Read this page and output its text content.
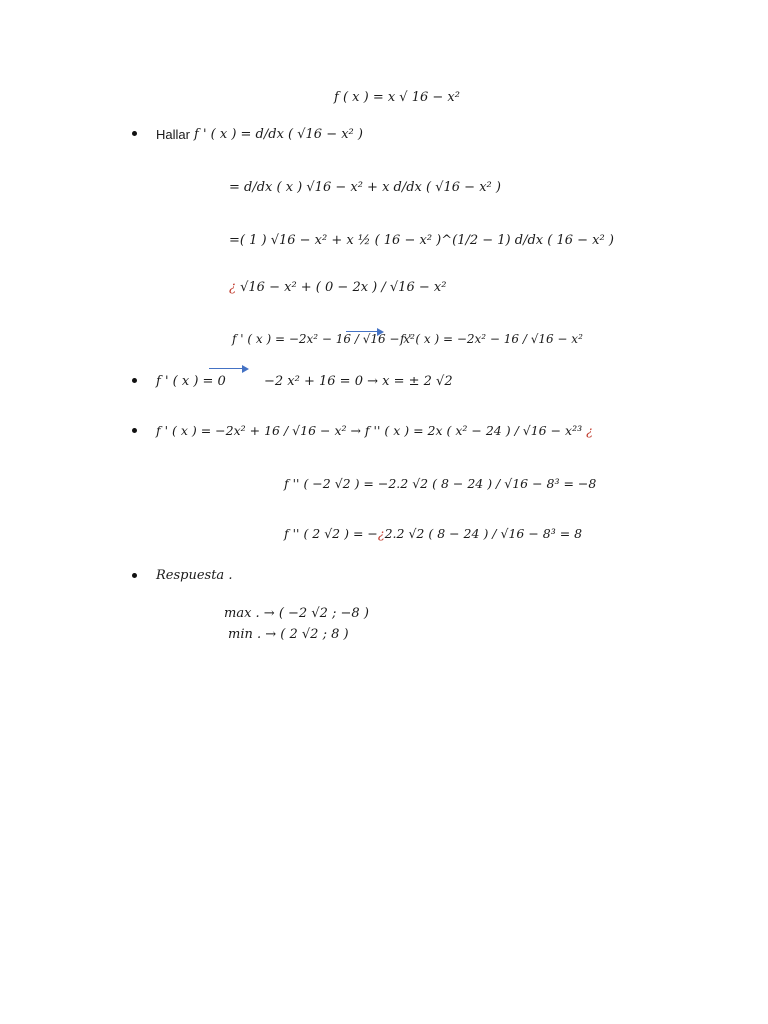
f ( x ) = x √ 16 − x²
Hallar f ' ( x ) = d/dx ( √16 − x² )
= d/dx ( x ) √16 − x² + x d/dx ( √16 − x² )
=( 1 ) √16 − x² + x ½ ( 16 − x² )^(1/2 − 1) d/dx ( 16 − x² )
¿ √16 − x² + ( 0 − 2x ) / √16 − x²
f ' ( x ) = −2x² − 16 / √16 − x²
f ' ( x ) = −2x² − 16 / √16 − x²
f ' ( x ) = 0	−2 x² + 16 = 0 → x = ± 2 √2
f ' ( x ) = −2x² + 16 / √16 − x² → f '' ( x ) = 2x ( x² − 24 ) / √16 − x²³ ¿
f '' ( −2 √2 ) = −2.2 √2 ( 8 − 24 ) / √16 − 8³ = −8
f '' ( 2 √2 ) = −¿2.2 √2 ( 8 − 24 ) / √16 − 8³ = 8
Respuesta .
max . → ( −2 √2 ; −8 )
min . → ( 2 √2 ; 8 )
